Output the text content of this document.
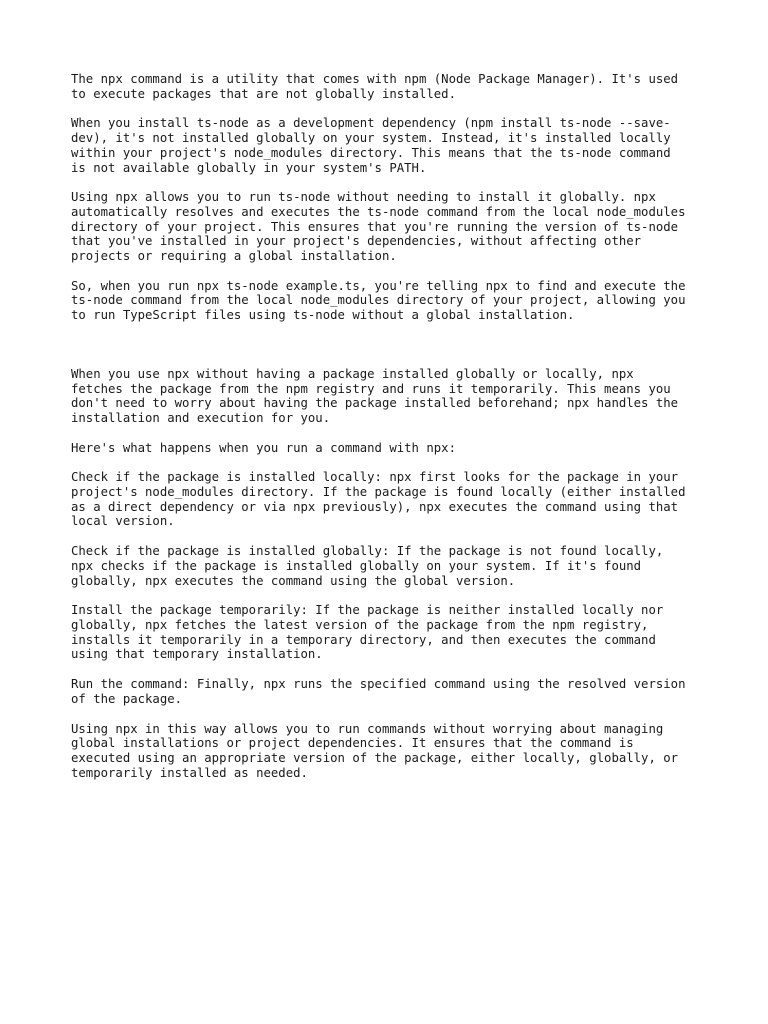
The npx command is a utility that comes with npm (Node Package Manager). It's used
to execute packages that are not globally installed.

When you install ts-node as a development dependency (npm install ts-node --save-
dev), it's not installed globally on your system. Instead, it's installed locally
within your project's node_modules directory. This means that the ts-node command
is not available globally in your system's PATH.

Using npx allows you to run ts-node without needing to install it globally. npx
automatically resolves and executes the ts-node command from the local node_modules
directory of your project. This ensures that you're running the version of ts-node
that you've installed in your project's dependencies, without affecting other
projects or requiring a global installation.

So, when you run npx ts-node example.ts, you're telling npx to find and execute the
ts-node command from the local node_modules directory of your project, allowing you
to run TypeScript files using ts-node without a global installation.

When you use npx without having a package installed globally or locally, npx
fetches the package from the npm registry and runs it temporarily. This means you
don't need to worry about having the package installed beforehand; npx handles the
installation and execution for you.

Here's what happens when you run a command with npx:

Check if the package is installed locally: npx first looks for the package in your
project's node_modules directory. If the package is found locally (either installed
as a direct dependency or via npx previously), npx executes the command using that
local version.

Check if the package is installed globally: If the package is not found locally,
npx checks if the package is installed globally on your system. If it's found
globally, npx executes the command using the global version.

Install the package temporarily: If the package is neither installed locally nor
globally, npx fetches the latest version of the package from the npm registry,
installs it temporarily in a temporary directory, and then executes the command
using that temporary installation.

Run the command: Finally, npx runs the specified command using the resolved version
of the package.

Using npx in this way allows you to run commands without worrying about managing
global installations or project dependencies. It ensures that the command is
executed using an appropriate version of the package, either locally, globally, or
temporarily installed as needed.
